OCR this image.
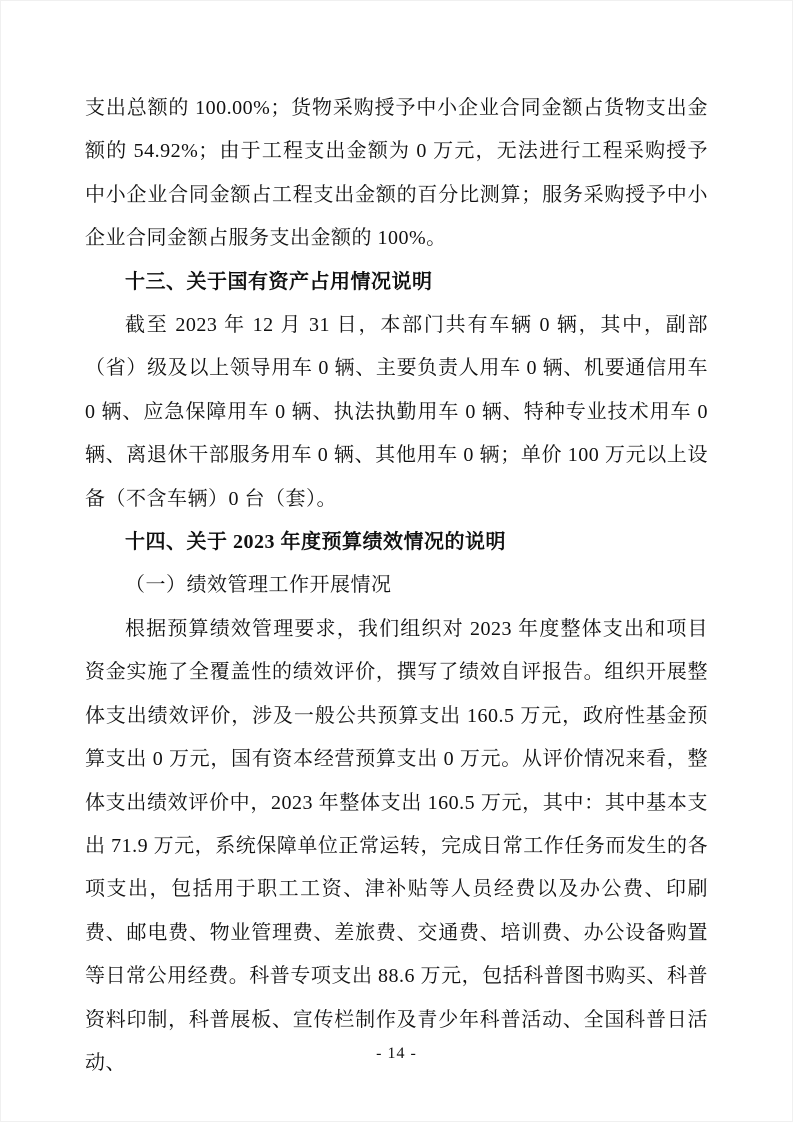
支出总额的 100.00%；货物采购授予中小企业合同金额占货物支出金额的 54.92%；由于工程支出金额为 0 万元，无法进行工程采购授予中小企业合同金额占工程支出金额的百分比测算；服务采购授予中小企业合同金额占服务支出金额的 100%。

十三、关于国有资产占用情况说明

截至 2023 年 12 月 31 日，本部门共有车辆 0 辆，其中，副部（省）级及以上领导用车 0 辆、主要负责人用车 0 辆、机要通信用车 0 辆、应急保障用车 0 辆、执法执勤用车 0 辆、特种专业技术用车 0 辆、离退休干部服务用车 0 辆、其他用车 0 辆；单价 100 万元以上设备（不含车辆）0 台（套）。

十四、关于 2023 年度预算绩效情况的说明

（一）绩效管理工作开展情况

根据预算绩效管理要求，我们组织对 2023 年度整体支出和项目资金实施了全覆盖性的绩效评价，撰写了绩效自评报告。组织开展整体支出绩效评价，涉及一般公共预算支出 160.5 万元，政府性基金预算支出 0 万元，国有资本经营预算支出 0 万元。从评价情况来看，整体支出绩效评价中，2023 年整体支出 160.5 万元，其中：其中基本支出 71.9 万元，系统保障单位正常运转，完成日常工作任务而发生的各项支出，包括用于职工工资、津补贴等人员经费以及办公费、印刷费、邮电费、物业管理费、差旅费、交通费、培训费、办公设备购置等日常公用经费。科普专项支出 88.6 万元，包括科普图书购买、科普资料印制，科普展板、宣传栏制作及青少年科普活动、全国科普日活动、	- 14 -
